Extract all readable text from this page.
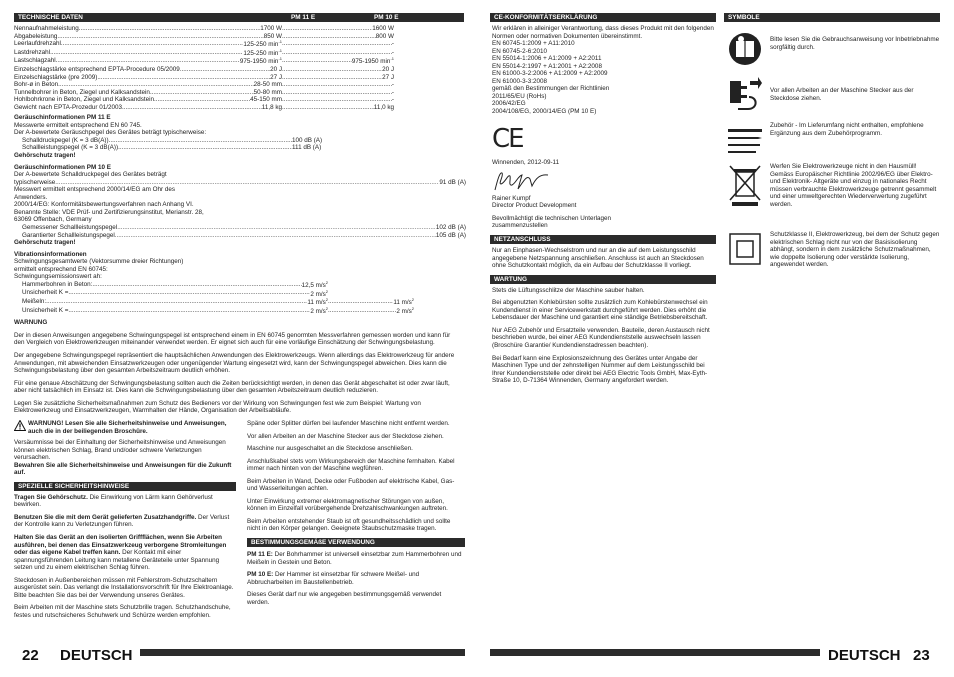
TECHNISCHE DATEN	PM 11 E	PM 10 E
Nennaufnahmeleistung .....	1700 W .....	1600 W
Abgabeleistung .....	850 W .....	800 W
Leerlaufdrehzahl .....	125-250 $\min^{-1}$ .....	-
Lastdrehzahl .....	125-250 $\min^{-1}$ .....	-
Lastschlagzahl .....	975-1950 $\min^{-1}$ .....	975-1950 $\min^{-1}$
Einzelschlagstärke entsprechend EPTA-Procedure 05/2009 .....	20 J .....	20 J
Einzelschlagstärke (pre 2009) .....	27 J .....	27 J
Bohr-ø in Beton .....	28-50 mm .....	-
Tunnelbohrer in Beton, Ziegel und Kalksandstein .....	50-80 mm .....	-
Hohlbohrkrone in Beton, Ziegel und Kalksandstein .....	45-150 mm .....	-
Gewicht nach EPTA-Prozedur 01/2003 .....	11,8 kg .....	11,0 kg

Geräuschinformationen PM 11 E

Messwerte ermittelt entsprechend EN 60 745.
Der A-bewertete Geräuschpegel des Gerätes beträgt typischerweise:
Schalldruckpegel (K = 3 dB(A)) .....	100 dB (A)
Schallleistungspegel (K = 3 dB(A)) .....	111 dB (A)
Gehörschutz tragen!

Geräuschinformationen PM 10 E

Der A-bewertete Schalldruckpegel des Gerätes beträgt
typischerweise .....	91 dB (A)
Messwert ermittelt entsprechend 2000/14/EG am Ohr des
Anwenders.
2000/14/EG: Konformitätsbewertungsverfahren nach Anhang VI.
Benannte Stelle: VDE Prüf- und Zertifizierungsinstitut, Merianstr. 28,
63069 Offenbach, Germany
Gemessener Schallleistungspegel .....	102 dB (A)
Garantierter Schallleistungspegel .....	105 dB (A)
Gehörschutz tragen!
Vibrationsinformationen
Schwingungsgesamtwerte (Vektorsumme dreier Richtungen)
ermittelt entsprechend EN 60745:
Schwingungsemissionswert ah:
Hammerbohren in Beton: .....	12,5 $m/s^2$
Unsicherheit K = .....	2 $m/s^2$
Meißeln: .....	11 $m/s^2$ .....	11 $m/s^2$
Unsicherheit K = .....	2 $m/s^2$ .....	2 $m/s^2$
WARNUNG

Der in diesen Anweisungen angegebene Schwingungspegel ist entsprechend einem in EN 60745 genormten Messverfahren gemessen worden und kann für den Vergleich von Elektrowerkzeugen miteinander verwendet werden. Er eignet sich auch für eine vorläufige Einschätzung der Schwingungsbelastung.

Der angegebene Schwingungspegel repräsentiert die hauptsächlichen Anwendungen des Elektrowerkzeugs. Wenn allerdings das Elektrowerkzeug für andere Anwendungen, mit abweichenden Einsatzwerkzeugen oder ungenügender Wartung eingesetzt wird, kann der Schwingungspegel abweichen. Dies kann die Schwingungsbelastung über den gesamten Arbeitszeitraum deutlich erhöhen.

Für eine genaue Abschätzung der Schwingungsbelastung sollten auch die Zeiten berücksichtigt werden, in denen das Gerät abgeschaltet ist oder zwar läuft, aber nicht tatsächlich im Einsatz ist. Dies kann die Schwingungsbelastung über den gesamten Arbeitszeitraum deutlich reduzieren.

Legen Sie zusätzliche Sicherheitsmaßnahmen zum Schutz des Bedieners vor der Wirkung von Schwingungen fest wie zum Beispiel: Wartung von Elektrowerkzeug und Einsatzwerkzeugen, Warmhalten der Hände, Organisation der Arbeitsabläufe.

WARNUNG! Lesen Sie alle Sicherheitshinweise und Anweisungen, auch die in der beiliegenden Broschüre.
Versäumnisse bei der Einhaltung der Sicherheitshinweise und Anweisungen können elektrischen Schlag, Brand und/oder schwere Verletzungen verursachen.
Bewahren Sie alle Sicherheitshinweise und Anweisungen für die Zukunft auf.
SPEZIELLE SICHERHEITSHINWEISE

Tragen Sie Gehörschutz. Die Einwirkung von Lärm kann Gehörverlust bewirken.

Benutzen Sie die mit dem Gerät gelieferten Zusatzhandgriffe. Der Verlust der Kontrolle kann zu Verletzungen führen.

Halten Sie das Gerät an den isolierten Griffflächen, wenn Sie Arbeiten ausführen, bei denen das Einsatzwerkzeug verborgene Stromleitungen oder das eigene Kabel treffen kann. Der Kontakt mit einer spannungsführenden Leitung kann metallene Geräteteile unter Spannung setzen und zu einem elektrischen Schlag führen.

Steckdosen in Außenbereichen müssen mit Fehlerstrom-Schutzschaltern ausgerüstet sein. Das verlangt die Installationsvorschrift für Ihre Elektroanlage. Bitte beachten Sie das bei der Verwendung unseres Gerätes.

Beim Arbeiten mit der Maschine stets Schutzbrille tragen. Schutzhandschuhe, festes und rutschsicheres Schuhwerk und Schürze werden empfohlen.

Späne oder Splitter dürfen bei laufender Maschine nicht entfernt werden.

Vor allen Arbeiten an der Maschine Stecker aus der Steckdose ziehen.

Maschine nur ausgeschaltet an die Steckdose anschließen.

Anschlußkabel stets vom Wirkungsbereich der Maschine fernhalten. Kabel immer nach hinten von der Maschine wegführen.

Beim Arbeiten in Wand, Decke oder Fußboden auf elektrische Kabel, Gas- und Wasserleitungen achten.

Unter Einwirkung extremer elektromagnetischer Störungen von außen, können im Einzelfall vorübergehende Drehzahlschwankungen auftreten.

Beim Arbeiten entstehender Staub ist oft gesundheitsschädlich und sollte nicht in den Körper gelangen. Geeignete Staubschutzmaske tragen.

BESTIMMUNGSGEMÄßE VERWENDUNG

PM 11 E: Der Bohrhammer ist universell einsetzbar zum Hammerbohren und Meißeln in Gestein und Beton.

PM 10 E: Der Hammer ist einsetzbar für schwere Meißel- und Abbrucharbeiten im Baustellenbetrieb.

Dieses Gerät darf nur wie angegeben bestimmungsgemäß verwendet werden.

22 DEUTSCH
CE-KONFORMITÄTSERKLÄRUNG
Wir erklären in alleiniger Verantwortung, dass dieses Produkt mit den folgenden Normen oder normativen Dokumenten übereinstimmt.
EN 60745-1:2009 + A11:2010
EN 60745-2-6:2010
EN 55014-1:2006 + A1:2009 + A2:2011
EN 55014-2:1997 + A1:2001 + A2:2008
EN 61000-3-2:2006 + A1:2009 + A2:2009
EN 61000-3-3:2008
gemäß den Bestimmungen der Richtlinien
2011/65/EU (RoHs)
2006/42/EG
2004/108/EG, 2000/14/EG (PM 10 E)
CE
Winnenden, 2012-09-11
Rainer Kumpf
Director Product Development
Bevollmächtigt die technischen Unterlagen zusammenzustellen
NETZANSCHLUSS
Nur an Einphasen-Wechselstrom und nur an die auf dem Leistungsschild angegebene Netzspannung anschließen. Anschluss ist auch an Steckdosen ohne Schutzkontakt möglich, da ein Aufbau der Schutzklasse II vorliegt.
WARTUNG

Stets die Lüftungsschlitze der Maschine sauber halten.

Bei abgenutzten Kohlebürsten sollte zusätzlich zum Kohlebürstenwechsel ein Kundendienst in einer Servicewerkstatt durchgeführt werden. Dies erhöht die Lebensdauer der Maschine und garantiert eine ständige Betriebsbereitschaft.

Nur AEG Zubehör und Ersatzteile verwenden. Bauteile, deren Austausch nicht beschrieben wurde, bei einer AEG Kundendienststelle auswechseln lassen (Broschüre Garantie/ Kundendienstadressen beachten).

Bei Bedarf kann eine Explosionszeichnung des Gerätes unter Angabe der Maschinen Type und der zehnstelligen Nummer auf dem Leistungsschild bei Ihrer Kundendienststelle oder direkt bei AEG Electric Tools GmbH, Max-Eyth-Straße 10, D-71364 Winnenden, Germany angefordert werden.

SYMBOLE
Bitte lesen Sie die Gebrauchsanweisung vor Inbetriebnahme sorgfältig durch.
Vor allen Arbeiten an der Maschine Stecker aus der Steckdose ziehen.
Zubehör - Im Lieferumfang nicht enthalten, empfohlene Ergänzung aus dem Zubehörprogramm.
Werfen Sie Elektrowerkzeuge nicht in den Hausmüll! Gemäss Europäischer Richtlinie 2002/96/EG über Elektro- und Elektronik- Altgeräte und einzug in nationales Recht müssen verbrauchte Elektrowerkzeuge getrennt gesammelt und einer umweltgerechten Wiederverwertung zugeführt werden.
Schutzklasse II, Elektrowerkzeug, bei dem der Schutz gegen elektrischen Schlag nicht nur von der Basisisolierung abhängt, sondern in dem zusätzliche Schutzmaßnahmen, wie doppelte Isolierung oder verstärkte Isolierung, angewendet werden.
DEUTSCH 23
